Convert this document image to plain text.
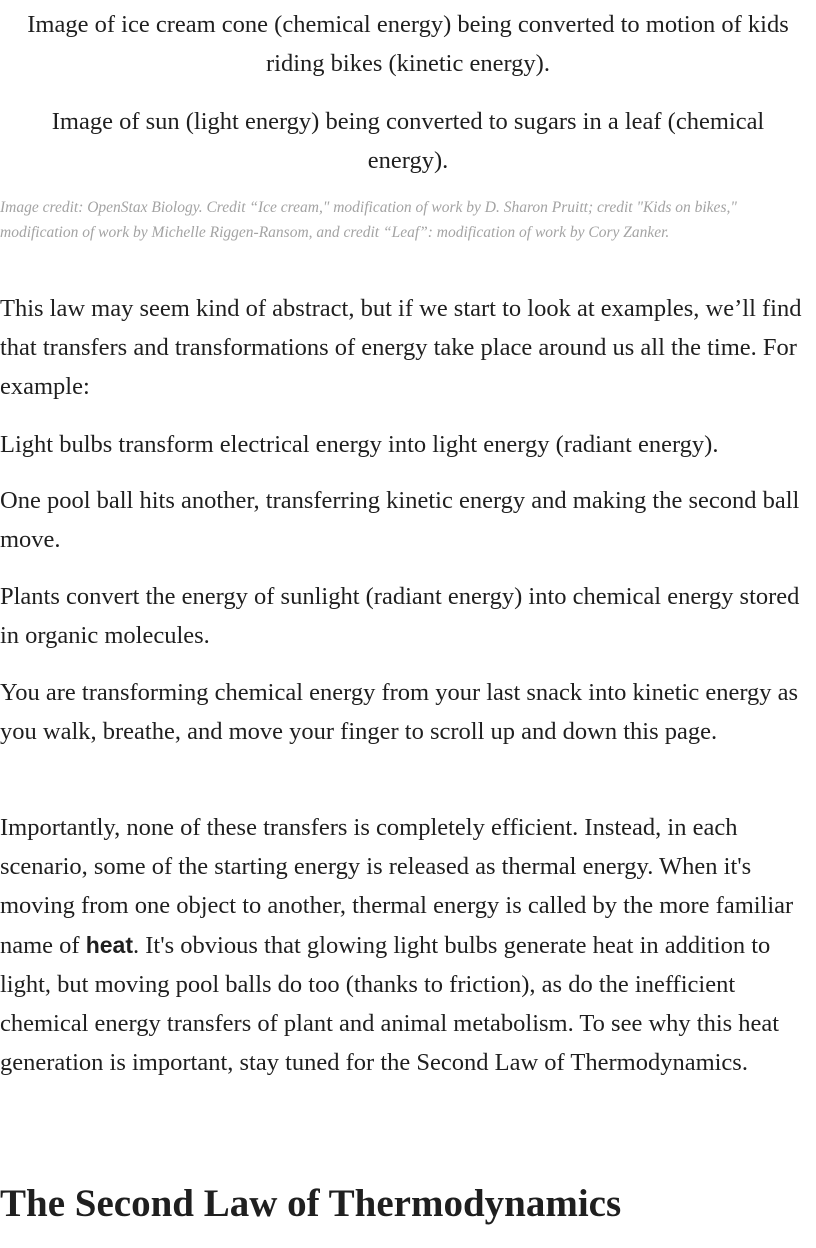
Image of ice cream cone (chemical energy) being converted to motion of kids riding bikes (kinetic energy).

Image of sun (light energy) being converted to sugars in a leaf (chemical energy).

Image credit: OpenStax Biology. Credit “Ice cream," modification of work by D. Sharon Pruitt; credit "Kids on bikes," modification of work by Michelle Riggen-Ransom, and credit “Leaf”: modification of work by Cory Zanker.

This law may seem kind of abstract, but if we start to look at examples, we’ll find that transfers and transformations of energy take place around us all the time. For example:

Light bulbs transform electrical energy into light energy (radiant energy).

One pool ball hits another, transferring kinetic energy and making the second ball move.

Plants convert the energy of sunlight (radiant energy) into chemical energy stored in organic molecules.

You are transforming chemical energy from your last snack into kinetic energy as you walk, breathe, and move your finger to scroll up and down this page.

Importantly, none of these transfers is completely efficient. Instead, in each scenario, some of the starting energy is released as thermal energy. When it's moving from one object to another, thermal energy is called by the more familiar name of heat. It's obvious that glowing light bulbs generate heat in addition to light, but moving pool balls do too (thanks to friction), as do the inefficient chemical energy transfers of plant and animal metabolism. To see why this heat generation is important, stay tuned for the Second Law of Thermodynamics.

The Second Law of Thermodynamics
